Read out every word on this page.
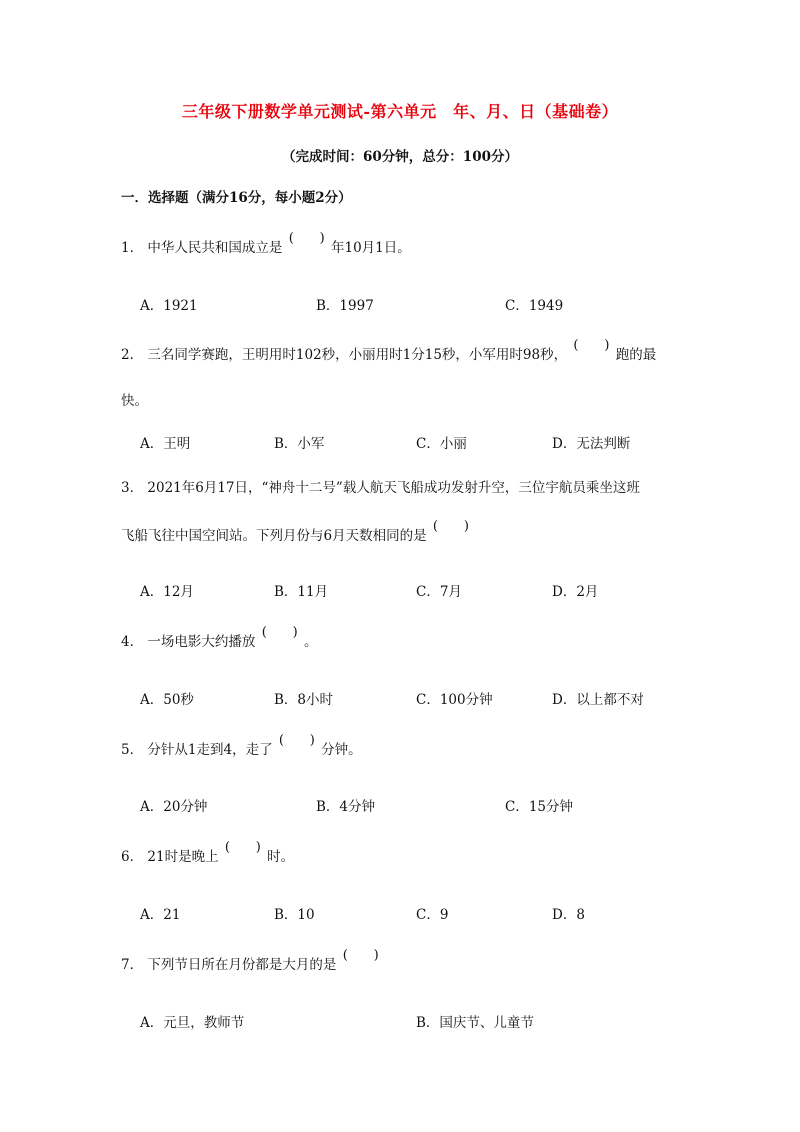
三年级下册数学单元测试-第六单元　年、月、日（基础卷）
（完成时间：60分钟，总分：100分）
一．选择题（满分16分，每小题2分）
1． 中华人民共和国成立是
( )
年10月1日。
A．1921	B．1997	C．1949
2． 三名同学赛跑，王明用时102秒，小丽用时1分15秒，小军用时98秒，
( )
跑的最
快。
A．王明	B．小军	C．小丽	D．无法判断
3． 2021年6月17日，“神舟十二号”载人航天飞船成功发射升空，三位宇航员乘坐这班
飞船飞往中国空间站。下列月份与6月天数相同的是
( )
A．12月	B．11月	C．7月	D．2月
4． 一场电影大约播放
( )
。
A．50秒	B．8小时	C．100分钟	D．以上都不对
5． 分针从1走到4，走了
( )
分钟。
A．20分钟	B．4分钟	C．15分钟
6． 21时是晚上
( )
时。
A．21	B．10	C．9	D．8
7． 下列节日所在月份都是大月的是
( )
A．元旦，教师节	B．国庆节、儿童节
